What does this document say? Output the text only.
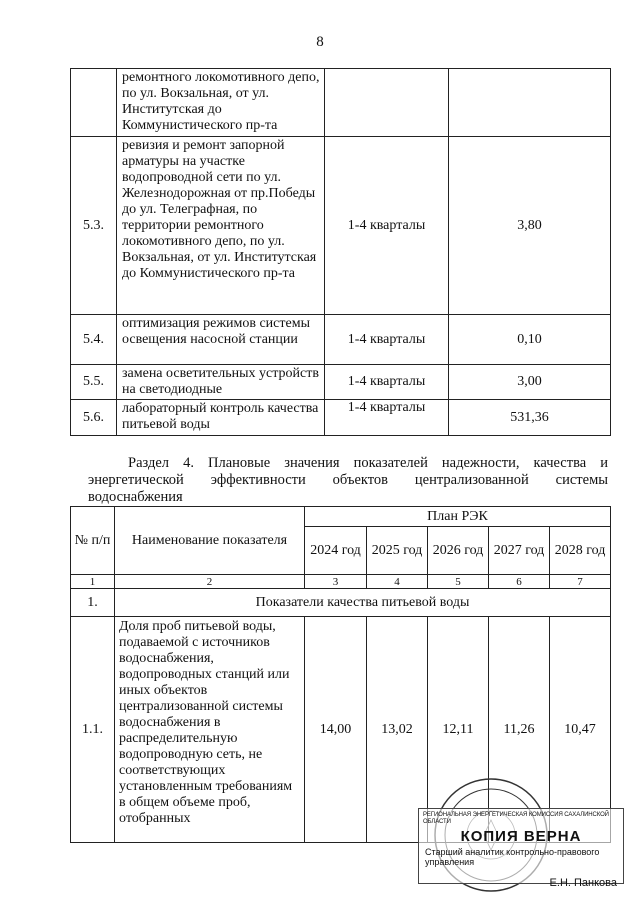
8
	ремонтного локомотивного депо, по ул. Вокзальная, от ул. Институтская до Коммунистического пр-та		
5.3.	ревизия и ремонт запорной арматуры на участке водопроводной сети по ул. Железнодорожная от пр.Победы до ул. Телеграфная, по территории ремонтного локомотивного депо, по ул. Вокзальная, от ул. Институтская до Коммунистического пр-та	1-4 кварталы	3,80
5.4.	оптимизация режимов системы освещения насосной станции	1-4 кварталы	0,10
5.5.	замена осветительных устройств на светодиодные	1-4 кварталы	3,00
5.6.	лабораторный контроль качества питьевой воды	1-4 кварталы	531,36
Раздел 4. Плановые значения показателей надежности, качества и энергетической эффективности объектов централизованной системы водоснабжения
№ п/п	Наименование показателя	План РЭК				
		2024 год	2025 год	2026 год	2027 год	2028 год
1	2	3	4	5	6	7
1.	Показатели качества питьевой воды					
1.1.	Доля проб питьевой воды, подаваемой с источников водоснабжения, водопроводных станций или иных объектов централизованной системы водоснабжения в распределительную водопроводную сеть, не соответствующих установленным требованиям в общем объеме проб, отобранных	14,00	13,02	12,11	11,26	10,47
РЕГИОНАЛЬНАЯ ЭНЕРГЕТИЧЕСКАЯ КОМИССИЯ САХАЛИНСКОЙ ОБЛАСТИ
КОПИЯ ВЕРНА
Старший аналитик контрольно-правового управления
Е.Н. Панкова
